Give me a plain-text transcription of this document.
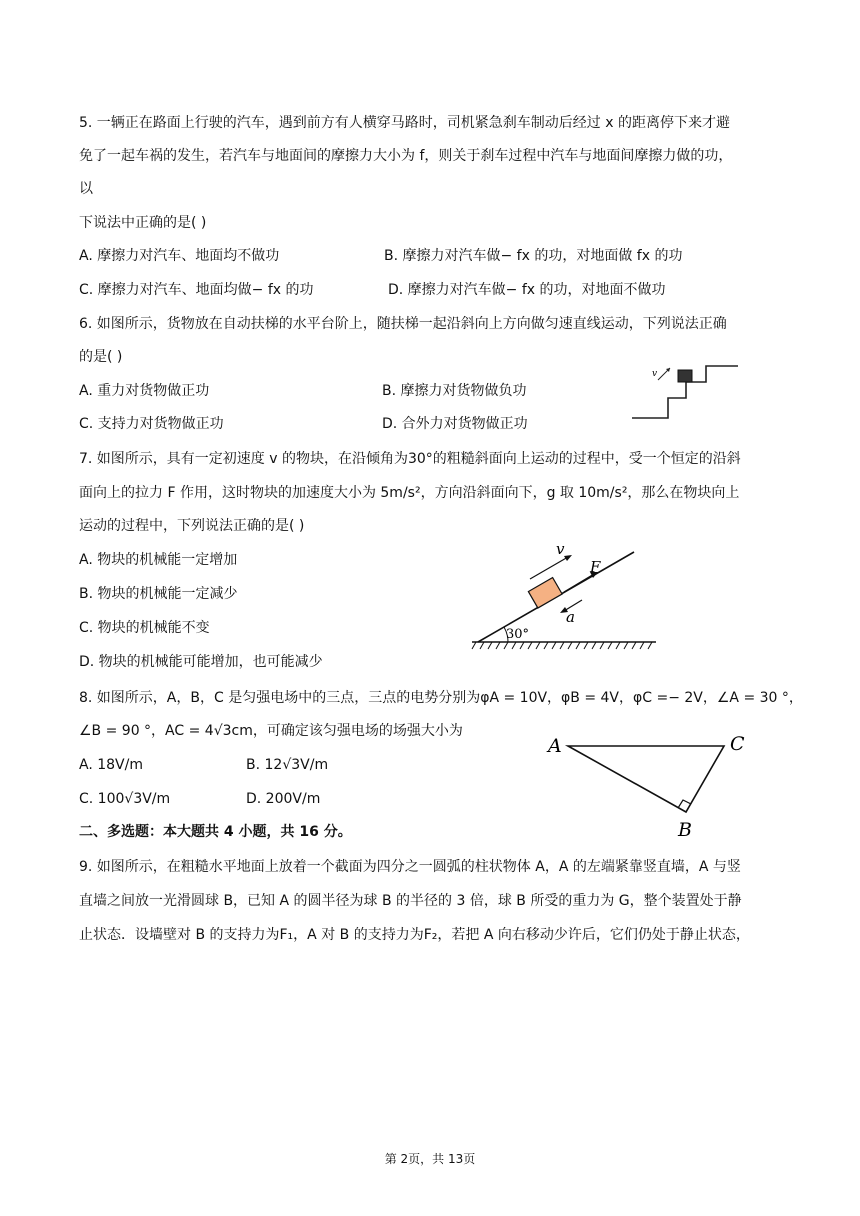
5. 一辆正在路面上行驶的汽车，遇到前方有人横穿马路时，司机紧急刹车制动后经过 x 的距离停下来才避
免了一起车祸的发生，若汽车与地面间的摩擦力大小为 f，则关于刹车过程中汽车与地面间摩擦力做的功，
以
下说法中正确的是( )
A. 摩擦力对汽车、地面均不做功	B. 摩擦力对汽车做− fx 的功，对地面做 fx 的功
C. 摩擦力对汽车、地面均做− fx 的功	D. 摩擦力对汽车做− fx 的功，对地面不做功
6. 如图所示，货物放在自动扶梯的水平台阶上，随扶梯一起沿斜向上方向做匀速直线运动，下列说法正确
的是( )
A. 重力对货物做正功	B. 摩擦力对货物做负功
C. 支持力对货物做正功	D. 合外力对货物做正功
v
7. 如图所示，具有一定初速度 v 的物块，在沿倾角为30°的粗糙斜面向上运动的过程中，受一个恒定的沿斜
面向上的拉力 F 作用，这时物块的加速度大小为 5m/s²，方向沿斜面向下，g 取 10m/s²，那么在物块向上
运动的过程中，下列说法正确的是( )
A. 物块的机械能一定增加
B. 物块的机械能一定减少
C. 物块的机械能不变
D. 物块的机械能可能增加，也可能减少
30°
v
F
a
8. 如图所示，A，B，C 是匀强电场中的三点，三点的电势分别为φA = 10V，φB = 4V，φC =− 2V，∠A = 30 °，
∠B = 90 °，AC = 4√3cm，可确定该匀强电场的场强大小为
A. 18V/m	B. 12√3V/m
C. 100√3V/m	D. 200V/m
A	C
B
二、多选题：本大题共 4 小题，共 16 分。
9. 如图所示，在粗糙水平地面上放着一个截面为四分之一圆弧的柱状物体 A，A 的左端紧靠竖直墙，A 与竖
直墙之间放一光滑圆球 B，已知 A 的圆半径为球 B 的半径的 3 倍，球 B 所受的重力为 G，整个装置处于静
止状态．设墙壁对 B 的支持力为F₁，A 对 B 的支持力为F₂，若把 A 向右移动少许后，它们仍处于静止状态，
第 2页，共 13页
